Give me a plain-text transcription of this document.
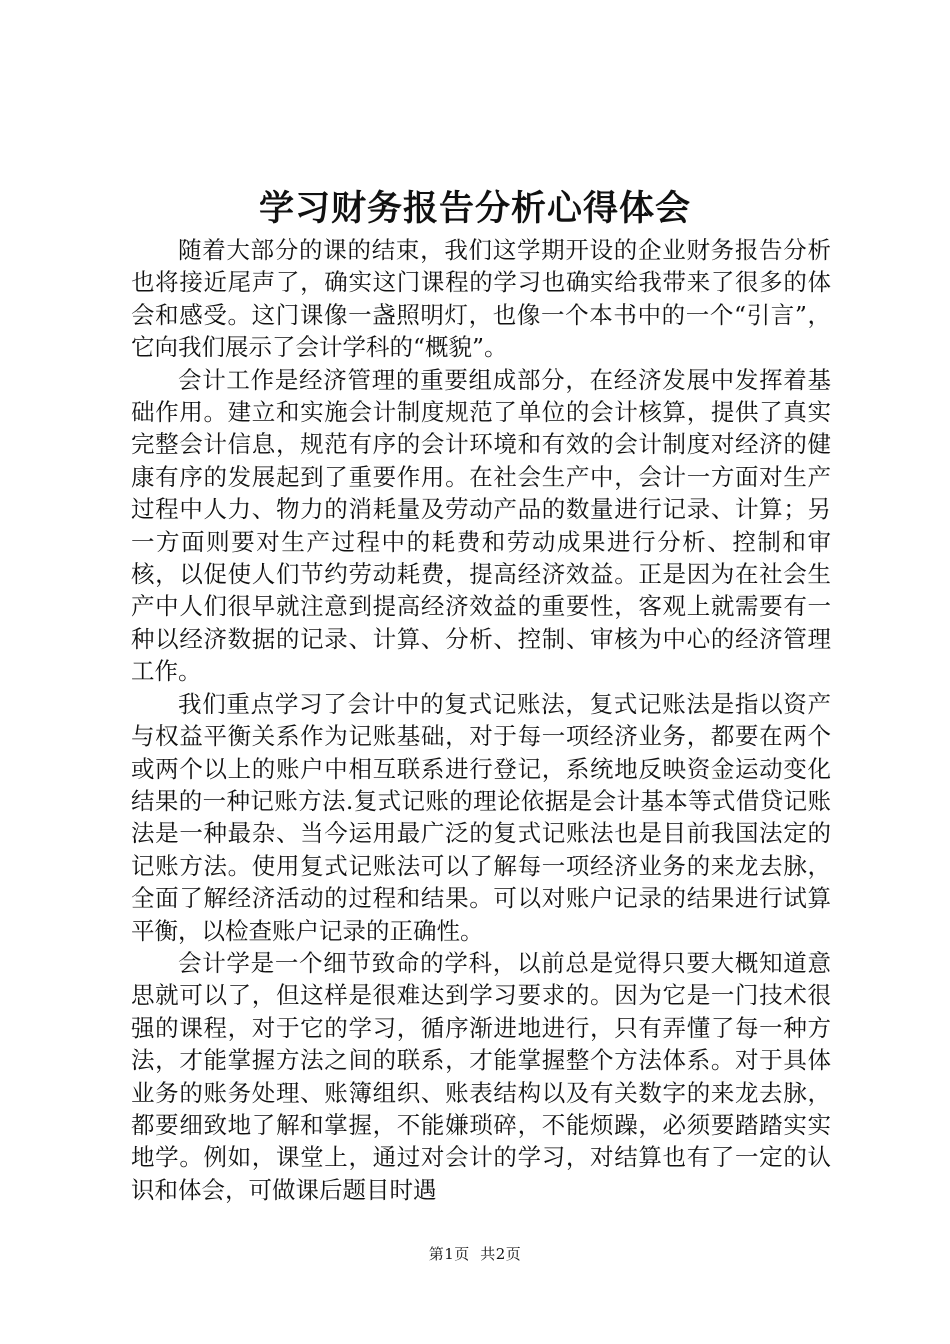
学习财务报告分析心得体会

随着大部分的课的结束，我们这学期开设的企业财务报告分析也将接近尾声了，确实这门课程的学习也确实给我带来了很多的体会和感受。这门课像一盏照明灯，也像一个本书中的一个“引言”，它向我们展示了会计学科的“概貌”。

会计工作是经济管理的重要组成部分，在经济发展中发挥着基础作用。建立和实施会计制度规范了单位的会计核算，提供了真实完整会计信息，规范有序的会计环境和有效的会计制度对经济的健康有序的发展起到了重要作用。在社会生产中，会计一方面对生产过程中人力、物力的消耗量及劳动产品的数量进行记录、计算；另一方面则要对生产过程中的耗费和劳动成果进行分析、控制和审核，以促使人们节约劳动耗费，提高经济效益。正是因为在社会生产中人们很早就注意到提高经济效益的重要性，客观上就需要有一种以经济数据的记录、计算、分析、控制、审核为中心的经济管理工作。

我们重点学习了会计中的复式记账法，复式记账法是指以资产与权益平衡关系作为记账基础，对于每一项经济业务，都要在两个或两个以上的账户中相互联系进行登记，系统地反映资金运动变化结果的一种记账方法.复式记账的理论依据是会计基本等式借贷记账法是一种最杂、当今运用最广泛的复式记账法也是目前我国法定的记账方法。使用复式记账法可以了解每一项经济业务的来龙去脉，全面了解经济活动的过程和结果。可以对账户记录的结果进行试算平衡，以检查账户记录的正确性。

会计学是一个细节致命的学科，以前总是觉得只要大概知道意思就可以了，但这样是很难达到学习要求的。因为它是一门技术很强的课程，对于它的学习，循序渐进地进行，只有弄懂了每一种方法，才能掌握方法之间的联系，才能掌握整个方法体系。对于具体业务的账务处理、账簿组织、账表结构以及有关数字的来龙去脉，都要细致地了解和掌握，不能嫌琐碎，不能烦躁，必须要踏踏实实地学。例如，课堂上，通过对会计的学习，对结算也有了一定的认识和体会，可做课后题目时遇

第1页  共2页
